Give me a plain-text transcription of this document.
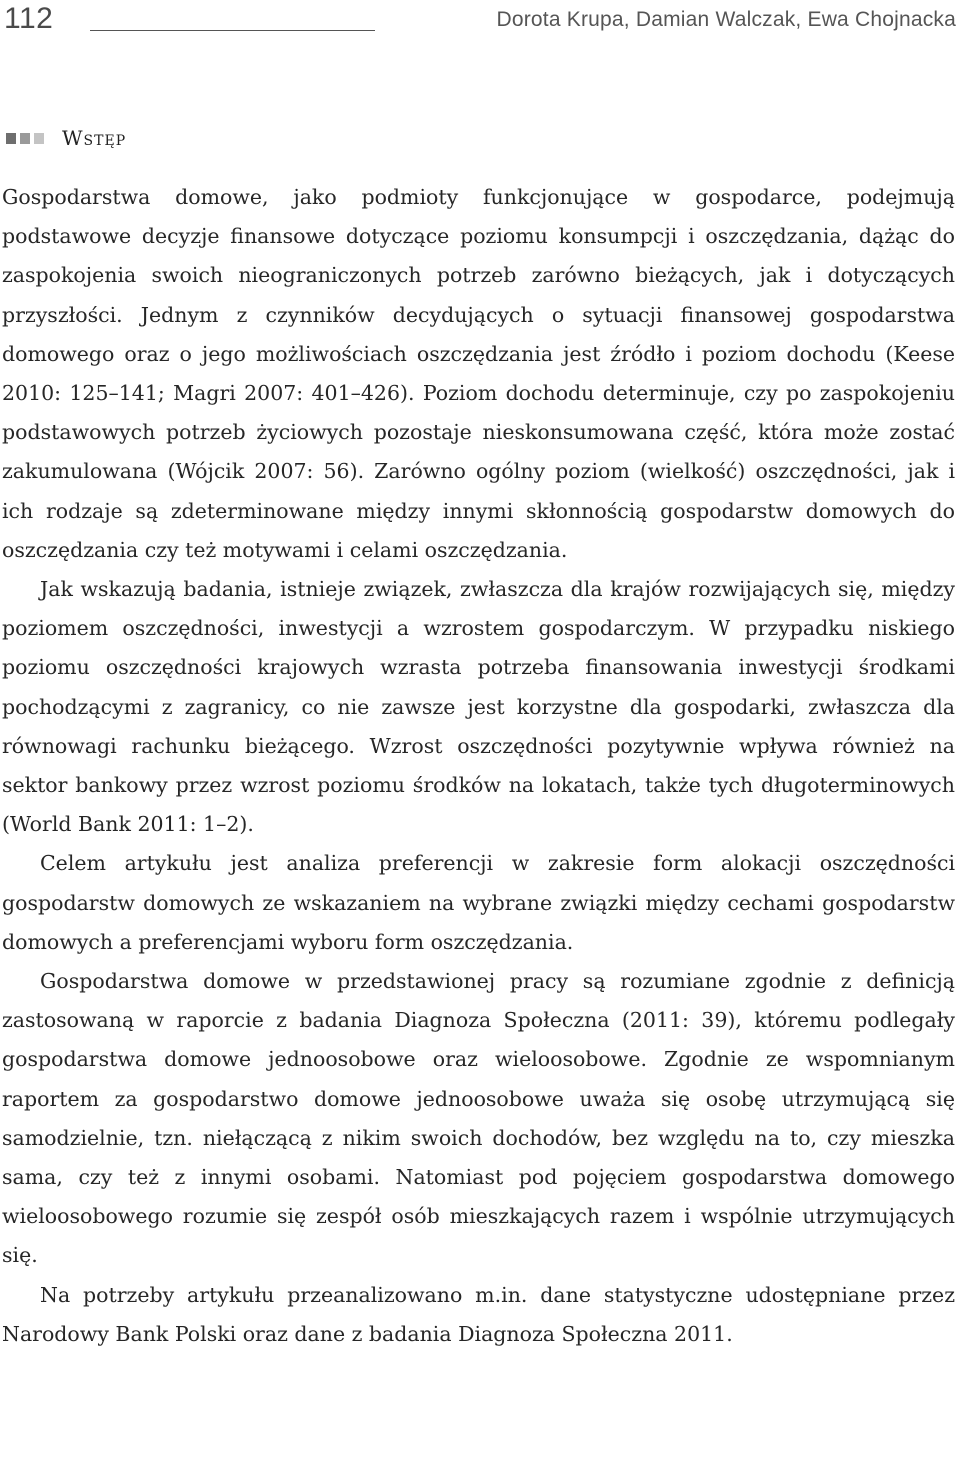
112	Dorota Krupa, Damian Walczak, Ewa Chojnacka
Wstęp

Gospodarstwa domowe, jako podmioty funkcjonujące w gospodarce, podejmują podstawowe decyzje finansowe dotyczące poziomu konsumpcji i oszczędzania, dążąc do zaspokojenia swoich nieograniczonych potrzeb zarówno bieżących, jak i dotyczących przyszłości. Jednym z czynników decydujących o sytuacji finansowej gospodarstwa domowego oraz o jego możliwościach oszczędzania jest źródło i poziom dochodu (Keese 2010: 125–141; Magri 2007: 401–426). Poziom dochodu determinuje, czy po zaspokojeniu podstawowych potrzeb życiowych pozostaje nieskonsumowana część, która może zostać zakumulowana (Wójcik 2007: 56). Zarówno ogólny poziom (wielkość) oszczędności, jak i ich rodzaje są zdeterminowane między innymi skłonnością gospodarstw domowych do oszczędzania czy też motywami i celami oszczędzania.

Jak wskazują badania, istnieje związek, zwłaszcza dla krajów rozwijających się, między poziomem oszczędności, inwestycji a wzrostem gospodarczym. W przypadku niskiego poziomu oszczędności krajowych wzrasta potrzeba finansowania inwestycji środkami pochodzącymi z zagranicy, co nie zawsze jest korzystne dla gospodarki, zwłaszcza dla równowagi rachunku bieżącego. Wzrost oszczędności pozytywnie wpływa również na sektor bankowy przez wzrost poziomu środków na lokatach, także tych długoterminowych (World Bank 2011: 1–2).

Celem artykułu jest analiza preferencji w zakresie form alokacji oszczędności gospodarstw domowych ze wskazaniem na wybrane związki między cechami gospodarstw domowych a preferencjami wyboru form oszczędzania.

Gospodarstwa domowe w przedstawionej pracy są rozumiane zgodnie z definicją zastosowaną w raporcie z badania Diagnoza Społeczna (2011: 39), któremu podlegały gospodarstwa domowe jednoosobowe oraz wieloosobowe. Zgodnie ze wspomnianym raportem za gospodarstwo domowe jednoosobowe uważa się osobę utrzymującą się samodzielnie, tzn. niełączącą z nikim swoich dochodów, bez względu na to, czy mieszka sama, czy też z innymi osobami. Natomiast pod pojęciem gospodarstwa domowego wieloosobowego rozumie się zespół osób mieszkających razem i wspólnie utrzymujących się.

Na potrzeby artykułu przeanalizowano m.in. dane statystyczne udostępniane przez Narodowy Bank Polski oraz dane z badania Diagnoza Społeczna 2011.
